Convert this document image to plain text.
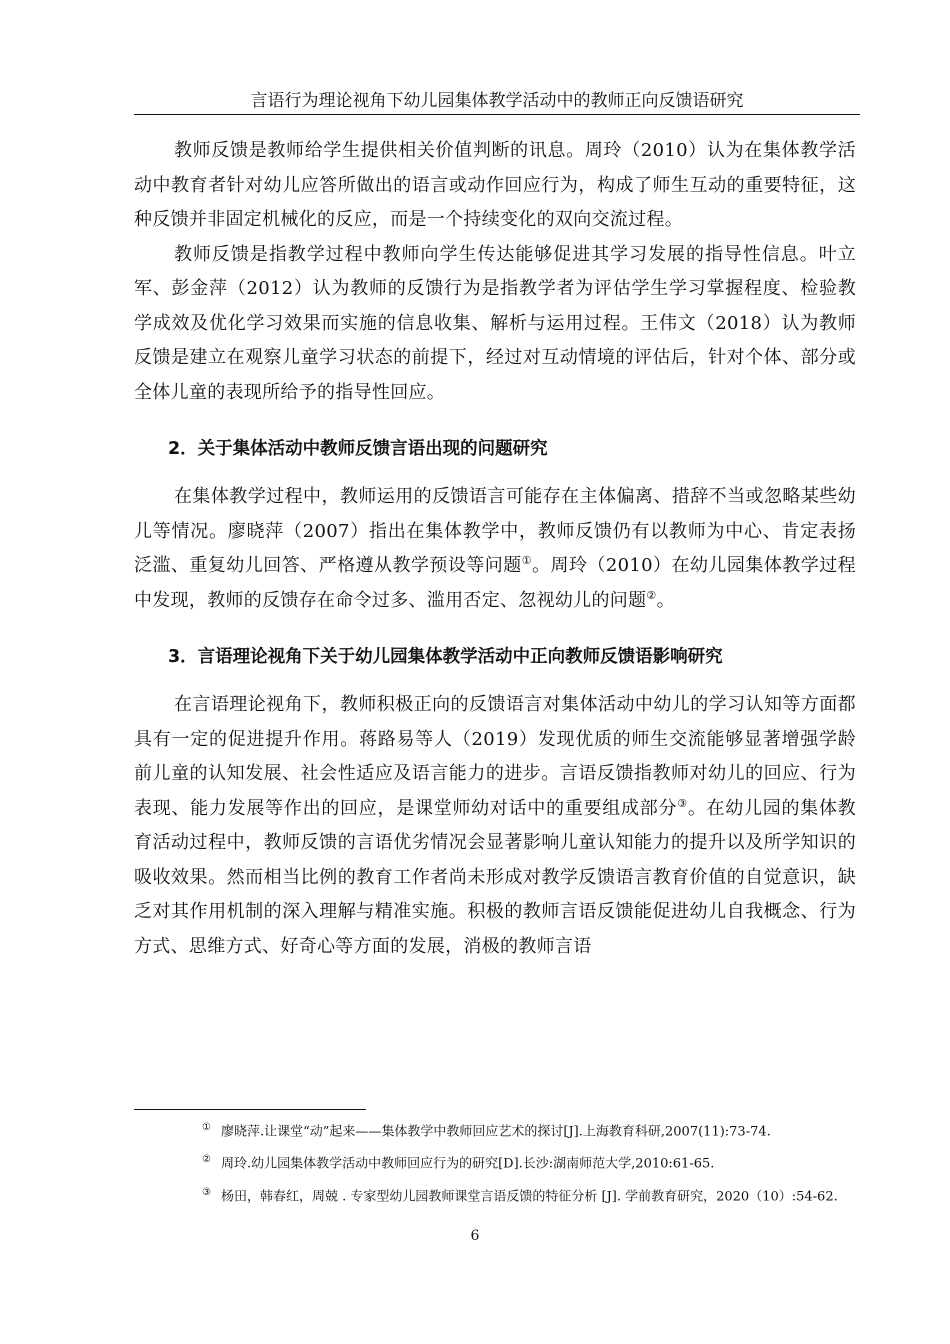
言语行为理论视角下幼儿园集体教学活动中的教师正向反馈语研究

教师反馈是教师给学生提供相关价值判断的讯息。周玲（2010）认为在集体教学活动中教育者针对幼儿应答所做出的语言或动作回应行为，构成了师生互动的重要特征，这种反馈并非固定机械化的反应，而是一个持续变化的双向交流过程。

教师反馈是指教学过程中教师向学生传达能够促进其学习发展的指导性信息。叶立军、彭金萍（2012）认为教师的反馈行为是指教学者为评估学生学习掌握程度、检验教学成效及优化学习效果而实施的信息收集、解析与运用过程。王伟文（2018）认为教师反馈是建立在观察儿童学习状态的前提下，经过对互动情境的评估后，针对个体、部分或全体儿童的表现所给予的指导性回应。

2．关于集体活动中教师反馈言语出现的问题研究

在集体教学过程中，教师运用的反馈语言可能存在主体偏离、措辞不当或忽略某些幼儿等情况。廖晓萍（2007）指出在集体教学中，教师反馈仍有以教师为中心、肯定表扬泛滥、重复幼儿回答、严格遵从教学预设等问题①。周玲（2010）在幼儿园集体教学过程中发现，教师的反馈存在命令过多、滥用否定、忽视幼儿的问题②。

3．言语理论视角下关于幼儿园集体教学活动中正向教师反馈语影响研究

在言语理论视角下，教师积极正向的反馈语言对集体活动中幼儿的学习认知等方面都具有一定的促进提升作用。蒋路易等人（2019）发现优质的师生交流能够显著增强学龄前儿童的认知发展、社会性适应及语言能力的进步。言语反馈指教师对幼儿的回应、行为表现、能力发展等作出的回应，是课堂师幼对话中的重要组成部分③。在幼儿园的集体教育活动过程中，教师反馈的言语优劣情况会显著影响儿童认知能力的提升以及所学知识的吸收效果。然而相当比例的教育工作者尚未形成对教学反馈语言教育价值的自觉意识，缺乏对其作用机制的深入理解与精准实施。积极的教师言语反馈能促进幼儿自我概念、行为方式、思维方式、好奇心等方面的发展，消极的教师言语

① 廖晓萍.让课堂“动”起来——集体教学中教师回应艺术的探讨[J].上海教育科研,2007(11):73-74.

② 周玲.幼儿园集体教学活动中教师回应行为的研究[D].长沙:湖南师范大学,2010:61-65.

③ 杨田，韩春红，周兢 . 专家型幼儿园教师课堂言语反馈的特征分析 [J]. 学前教育研究，2020（10）:54-62.

6
